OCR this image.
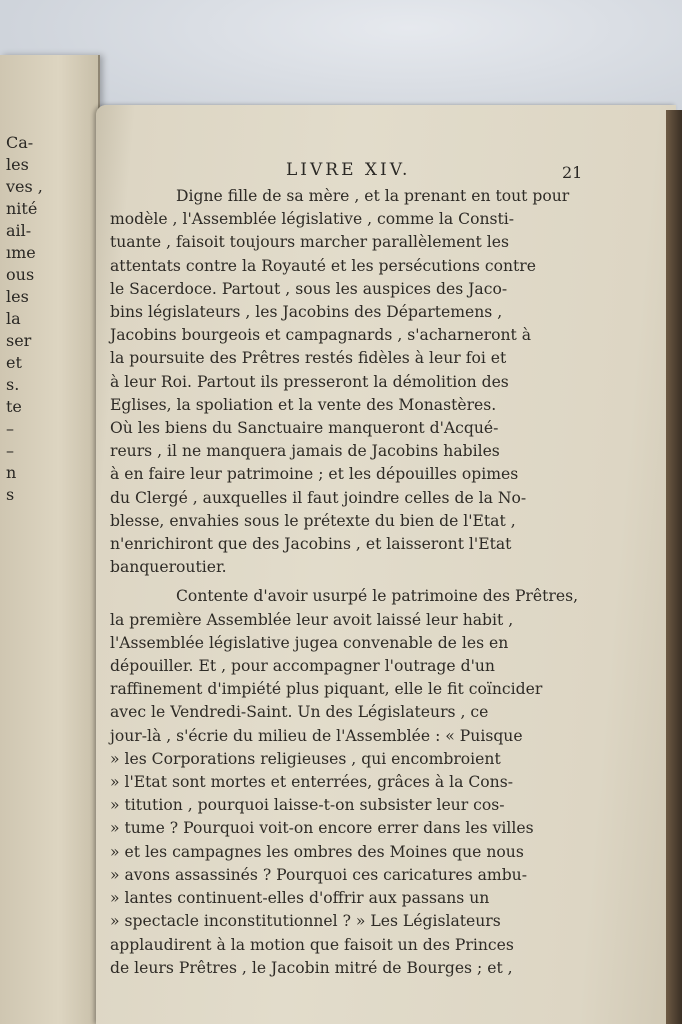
Ca-
les
ves ,
nité
ail-
ıme
ous
les
la
ser
et
s.
te
–
–
n
s
LIVRE XIV.	21
Digne fille de sa mère , et la prenant en tout pour
modèle , l'Assemblée législative , comme la Consti-
tuante , faisoit toujours marcher parallèlement les
attentats contre la Royauté et les persécutions contre
le Sacerdoce. Partout , sous les auspices des Jaco-
bins législateurs , les Jacobins des Départemens ,
Jacobins bourgeois et campagnards , s'acharneront à
la poursuite des Prêtres restés fidèles à leur foi et
à leur Roi. Partout ils presseront la démolition des
Eglises, la spoliation et la vente des Monastères.
Où les biens du Sanctuaire manqueront d'Acqué-
reurs , il ne manquera jamais de Jacobins habiles
à en faire leur patrimoine ; et les dépouilles opimes
du Clergé , auxquelles il faut joindre celles de la No-
blesse, envahies sous le prétexte du bien de l'Etat ,
n'enrichiront que des Jacobins , et laisseront l'Etat
banqueroutier.
Contente d'avoir usurpé le patrimoine des Prêtres,
la première Assemblée leur avoit laissé leur habit ,
l'Assemblée législative jugea convenable de les en
dépouiller. Et , pour accompagner l'outrage d'un
raffinement d'impiété plus piquant, elle le fit coïncider
avec le Vendredi-Saint. Un des Législateurs , ce
jour-là , s'écrie du milieu de l'Assemblée : « Puisque
» les Corporations religieuses , qui encombroient
» l'Etat sont mortes et enterrées, grâces à la Cons-
» titution , pourquoi laisse-t-on subsister leur cos-
» tume ? Pourquoi voit-on encore errer dans les villes
» et les campagnes les ombres des Moines que nous
» avons assassinés ? Pourquoi ces caricatures ambu-
» lantes continuent-elles d'offrir aux passans un
» spectacle inconstitutionnel ? » Les Législateurs
applaudirent à la motion que faisoit un des Princes
de leurs Prêtres , le Jacobin mitré de Bourges ; et ,
